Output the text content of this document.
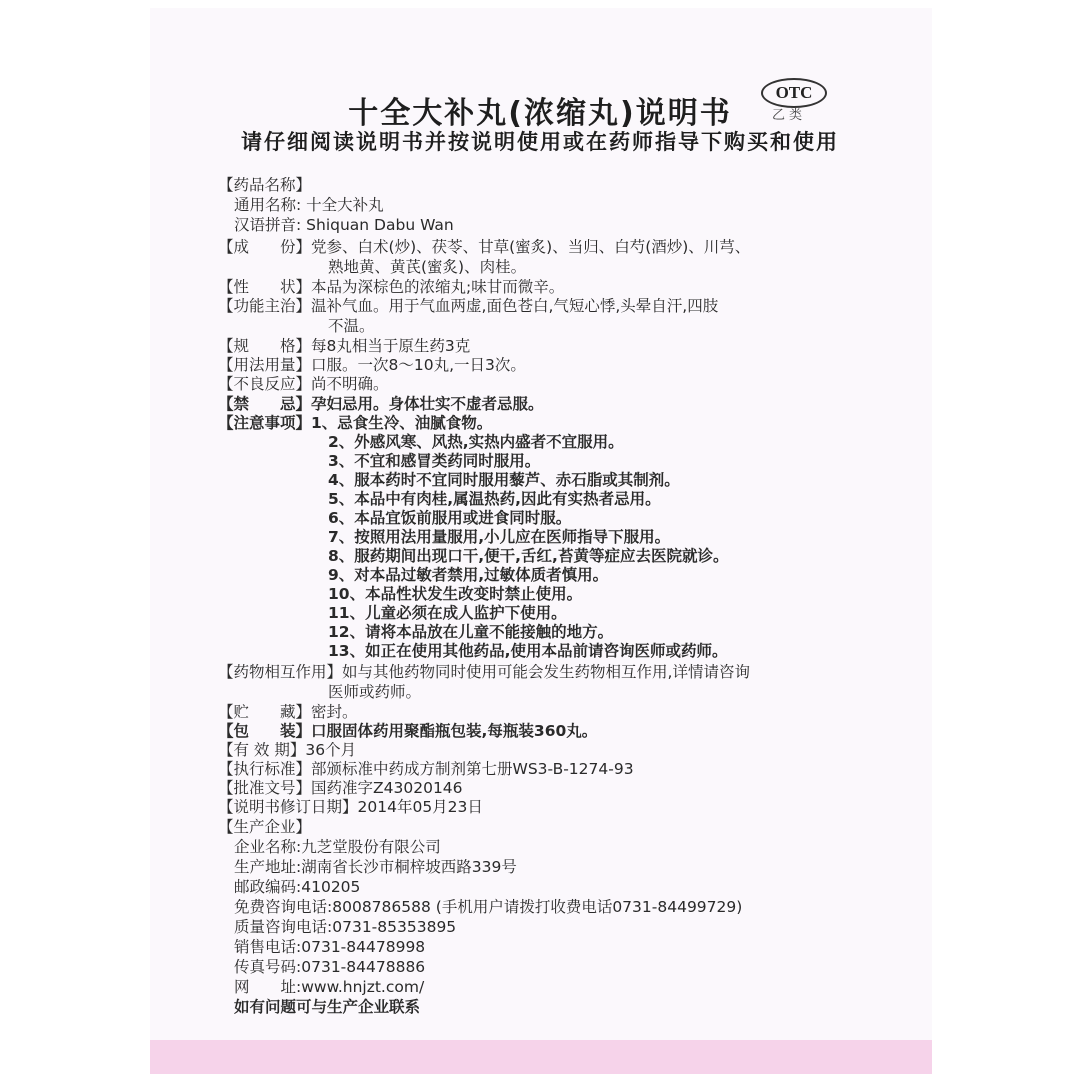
十全大补丸(浓缩丸)说明书
OTC
乙类
请仔细阅读说明书并按说明使用或在药师指导下购买和使用
【药品名称】
通用名称: 十全大补丸
汉语拼音: Shiquan Dabu Wan
【成　　份】党参、白术(炒)、茯苓、甘草(蜜炙)、当归、白芍(酒炒)、川芎、
熟地黄、黄芪(蜜炙)、肉桂。
【性　　状】本品为深棕色的浓缩丸;味甘而微辛。
【功能主治】温补气血。用于气血两虚,面色苍白,气短心悸,头晕自汗,四肢
不温。
【规　　格】每8丸相当于原生药3克
【用法用量】口服。一次8～10丸,一日3次。
【不良反应】尚不明确。
【禁　　忌】孕妇忌用。身体壮实不虚者忌服。
【注意事项】1、忌食生冷、油腻食物。
2、外感风寒、风热,实热内盛者不宜服用。
3、不宜和感冒类药同时服用。
4、服本药时不宜同时服用藜芦、赤石脂或其制剂。
5、本品中有肉桂,属温热药,因此有实热者忌用。
6、本品宜饭前服用或进食同时服。
7、按照用法用量服用,小儿应在医师指导下服用。
8、服药期间出现口干,便干,舌红,苔黄等症应去医院就诊。
9、对本品过敏者禁用,过敏体质者慎用。
10、本品性状发生改变时禁止使用。
11、儿童必须在成人监护下使用。
12、请将本品放在儿童不能接触的地方。
13、如正在使用其他药品,使用本品前请咨询医师或药师。
【药物相互作用】如与其他药物同时使用可能会发生药物相互作用,详情请咨询
医师或药师。
【贮　　藏】密封。
【包　　装】口服固体药用聚酯瓶包装,每瓶装360丸。
【有 效 期】36个月
【执行标准】部颁标准中药成方制剂第七册WS3-B-1274-93
【批准文号】国药准字Z43020146
【说明书修订日期】2014年05月23日
【生产企业】
企业名称:九芝堂股份有限公司
生产地址:湖南省长沙市桐梓坡西路339号
邮政编码:410205
免费咨询电话:8008786588 (手机用户请拨打收费电话0731-84499729)
质量咨询电话:0731-85353895
销售电话:0731-84478998
传真号码:0731-84478886
网　　址:www.hnjzt.com/
如有问题可与生产企业联系
